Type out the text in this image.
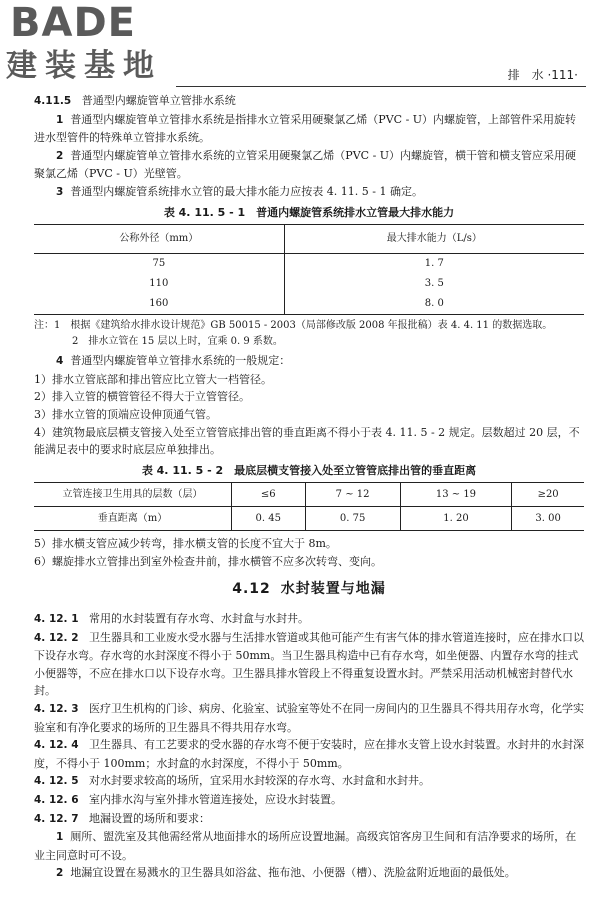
BADE
建装基地	排　水 ·111·

4.11.5 普通型内螺旋管单立管排水系统

1 普通型内螺旋管单立管排水系统是指排水立管采用硬聚氯乙烯（PVC - U）内螺旋管，上部管件采用旋转进水型管件的特殊单立管排水系统。

2 普通型内螺旋管单立管排水系统的立管采用硬聚氯乙烯（PVC - U）内螺旋管，横干管和横支管应采用硬聚氯乙烯（PVC - U）光壁管。

3 普通型内螺旋管系统排水立管的最大排水能力应按表 4. 11. 5 - 1 确定。

表 4. 11. 5 - 1　普通内螺旋管系统排水立管最大排水能力
公称外径（mm）	最大排水能力（L/s）
75	1. 7
110	3. 5
160	8. 0
注：1　根据《建筑给水排水设计规范》GB 50015 - 2003（局部修改版 2008 年报批稿）表 4. 4. 11 的数据选取。
2　排水立管在 15 层以上时，宜乘 0. 9 系数。

4 普通型内螺旋管单立管排水系统的一般规定：

1）排水立管底部和排出管应比立管大一档管径。

2）排入立管的横管管径不得大于立管管径。

3）排水立管的顶端应设伸顶通气管。

4）建筑物最底层横支管接入处至立管管底排出管的垂直距离不得小于表 4. 11. 5 - 2 规定。层数超过 20 层，不能满足表中的要求时底层应单独排出。

表 4. 11. 5 - 2　最底层横支管接入处至立管管底排出管的垂直距离
立管连接卫生用具的层数（层）	≤6	7 ~ 12	13 ~ 19	≥20
垂直距离（m）	0. 45	0. 75	1. 20	3. 00

5）排水横支管应减少转弯，排水横支管的长度不宜大于 8m。

6）螺旋排水立管排出到室外检查井前，排水横管不应多次转弯、变向。

4.12 水封装置与地漏

4. 12. 1 常用的水封装置有存水弯、水封盒与水封井。

4. 12. 2 卫生器具和工业废水受水器与生活排水管道或其他可能产生有害气体的排水管道连接时，应在排水口以下设存水弯。存水弯的水封深度不得小于 50mm。当卫生器具构造中已有存水弯，如坐便器、内置存水弯的挂式小便器等，不应在排水口以下设存水弯。卫生器具排水管段上不得重复设置水封。严禁采用活动机械密封替代水封。

4. 12. 3 医疗卫生机构的门诊、病房、化验室、试验室等处不在同一房间内的卫生器具不得共用存水弯，化学实验室和有净化要求的场所的卫生器具不得共用存水弯。

4. 12. 4 卫生器具、有工艺要求的受水器的存水弯不便于安装时，应在排水支管上设水封装置。水封井的水封深度，不得小于 100mm；水封盒的水封深度，不得小于 50mm。

4. 12. 5 对水封要求较高的场所，宜采用水封较深的存水弯、水封盒和水封井。

4. 12. 6 室内排水沟与室外排水管道连接处，应设水封装置。

4. 12. 7 地漏设置的场所和要求：

1 厕所、盥洗室及其他需经常从地面排水的场所应设置地漏。高级宾馆客房卫生间和有洁净要求的场所，在业主同意时可不设。

2 地漏宜设置在易溅水的卫生器具如浴盆、拖布池、小便器（槽）、洗脸盆附近地面的最低处。
